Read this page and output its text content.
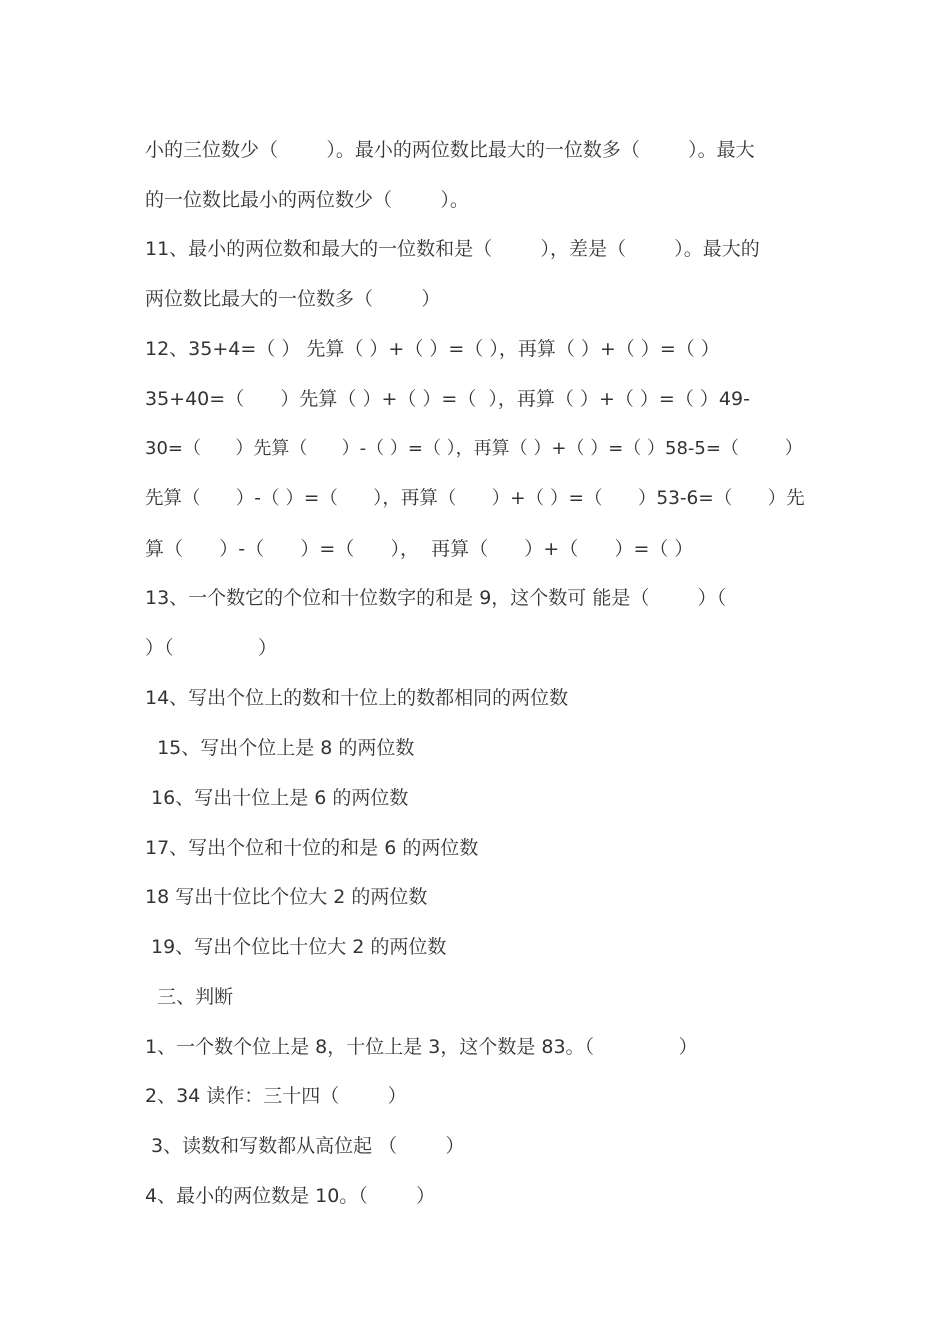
小的三位数少（        ）。最小的两位数比最大的一位数多（        ）。最大
的一位数比最小的两位数少（        ）。
11、最小的两位数和最大的一位数和是（        ），差是（        ）。最大的
两位数比最大的一位数多（        ）
12、35+4=（ ） 先算（ ）+（ ）=（ ），再算（ ）+（ ）=（ ）
35+40=（      ）先算（ ）+（ ）=（  ），再算（ ）+（ ）=（ ）49-
30=（      ）先算（      ）-（ ）=（ ），再算（ ）+（ ）=（ ）58-5=（        ）
先算（      ）-（ ）=（      ），再算（      ）+（ ）=（      ）53-6=（      ）先
算（      ）-（      ）=（      ），  再算（      ）+（      ）=（ ）
13、一个数它的个位和十位数字的和是 9，这个数可 能是（        ）（
）（              ）
14、写出个位上的数和十位上的数都相同的两位数
15、写出个位上是 8 的两位数
16、写出十位上是 6 的两位数
17、写出个位和十位的和是 6 的两位数
18 写出十位比个位大 2 的两位数
19、写出个位比十位大 2 的两位数
三、判断
1、一个数个位上是 8，十位上是 3，这个数是 83。（              ）
2、34 读作：三十四（        ）
3、读数和写数都从高位起 （        ）
4、最小的两位数是 10。（        ）
